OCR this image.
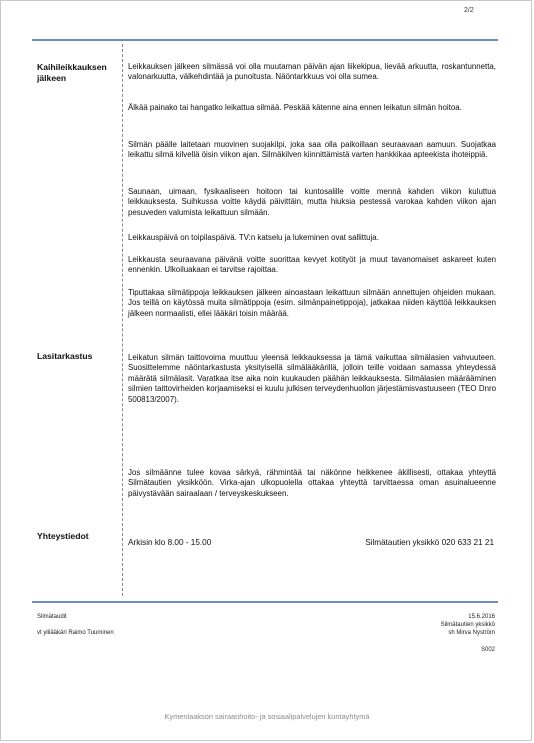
2/2
Kaihileikkauksen jälkeen
Lasitarkastus
Yhteystiedot
Leikkauksen jälkeen silmässä voi olla muutaman päivän ajan liikekipua, lievää arkuutta, roskantunnetta, valonarkuutta, välkehdintää ja punoitusta. Näöntarkkuus voi olla sumea.
Älkää painako tai hangatko leikattua silmää. Peskää kätenne aina ennen leikatun silmän hoitoa.
Silmän päälle laitetaan muovinen suojakilpi, joka saa olla paikoillaan seuraavaan aamuun. Suojatkaa leikattu silmä kilvellä öisin viikon ajan. Silmäkilven kiinnittämistä varten hankkikaa apteekista ihoteippiä.
Saunaan, uimaan, fysikaaliseen hoitoon tai kuntosalille voitte mennä kahden viikon kuluttua leikkauksesta. Suihkussa voitte käydä päivittäin, mutta hiuksia pestessä varokaa kahden viikon ajan pesuveden valumista leikattuun silmään.
Leikkauspäivä on toipilaspäivä. TV:n katselu ja lukeminen ovat sallittuja.
Leikkausta seuraavana päivänä voitte suorittaa kevyet kotityöt ja muut tavanomaiset askareet kuten ennenkin. Ulkoiluakaan ei tarvitse rajoittaa.
Tiputtakaa silmätippoja leikkauksen jälkeen ainoastaan leikattuun silmään annettujen ohjeiden mukaan. Jos teillä on käytössä muita silmätippoja (esim. silmänpainetippoja), jatkakaa niiden käyttöä leikkauksen jälkeen normaalisti, ellei lääkäri toisin määrää.
Leikatun silmän taittovoima muuttuu yleensä leikkauksessa ja tämä vaikuttaa silmälasien vahvuuteen. Suosittelemme näöntarkastusta yksityisellä silmälääkärillä, jolloin teille voidaan samassa yhteydessä määrätä silmälasit. Varatkaa itse aika noin kuukauden päähän leikkauksesta. Silmälasien määrääminen silmien taittovirheiden korjaamiseksi ei kuulu julkisen terveydenhuollon järjestämisvastuuseen (TEO Dnro 500813/2007).
Jos silmäänne tulee kovaa särkyä, rähmintää tai näkönne heikkenee äkillisesti, ottakaa yhteyttä Silmätautien yksikköön. Virka-ajan ulkopuolella ottakaa yhteyttä tarvittaessa oman asuinalueenne päivystävään sairaalaan / terveyskeskukseen.
Arkisin klo 8.00 - 15.00	Silmätautien yksikkö 020 633 21 21
Silmätaudit
vt ylilääkäri Raimo Tuuminen
15.6.2016
Silmätautien yksikkö
sh Mirva Nyström
S002
Kymenlaakson sairaanhoito- ja sosiaalipalvelujen kuntayhtymä
